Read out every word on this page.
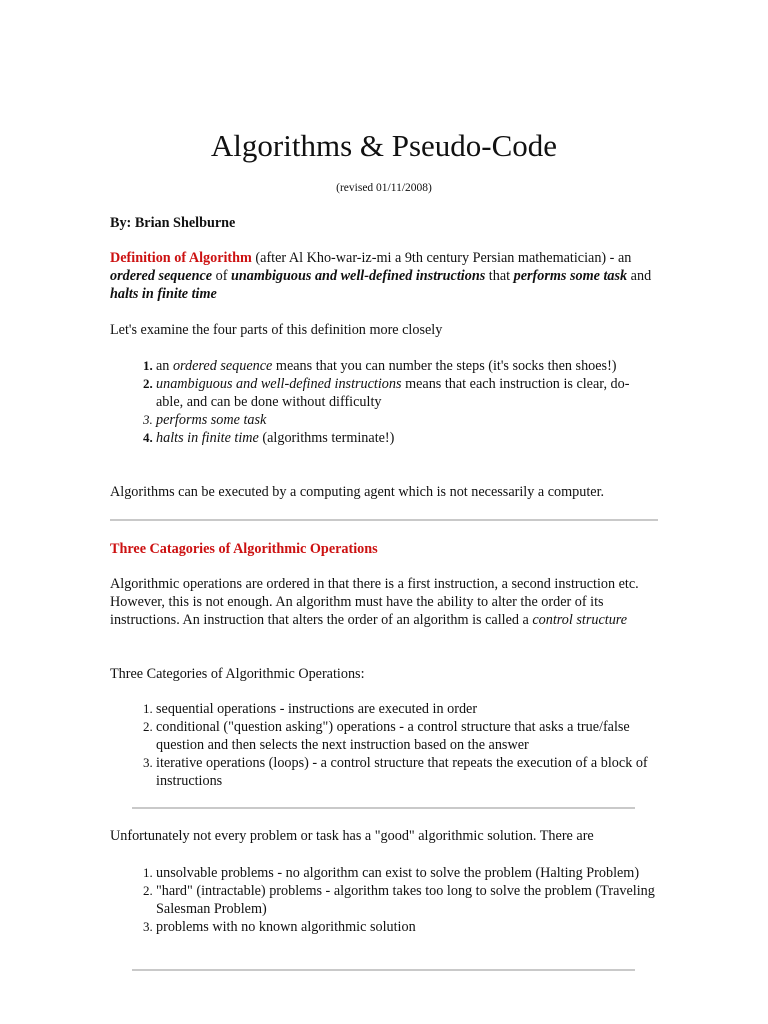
Algorithms & Pseudo-Code
(revised 01/11/2008)

By: Brian Shelburne

Definition of Algorithm (after Al Kho-war-iz-mi a 9th century Persian mathematician) - an ordered sequence of unambiguous and well-defined instructions that performs some task and halts in finite time

Let's examine the four parts of this definition more closely

1. an ordered sequence means that you can number the steps (it's socks then shoes!)
2. unambiguous and well-defined instructions means that each instruction is clear, do-able, and can be done without difficulty
3. performs some task
4. halts in finite time (algorithms terminate!)

Algorithms can be executed by a computing agent which is not necessarily a computer.

Three Catagories of Algorithmic Operations

Algorithmic operations are ordered in that there is a first instruction, a second instruction etc. However, this is not enough. An algorithm must have the ability to alter the order of its instructions. An instruction that alters the order of an algorithm is called a control structure

Three Categories of Algorithmic Operations:

1. sequential operations - instructions are executed in order
2. conditional ("question asking") operations - a control structure that asks a true/false question and then selects the next instruction based on the answer
3. iterative operations (loops) - a control structure that repeats the execution of a block of instructions

Unfortunately not every problem or task has a "good" algorithmic solution. There are

1. unsolvable problems - no algorithm can exist to solve the problem (Halting Problem)
2. "hard" (intractable) problems - algorithm takes too long to solve the problem (Traveling Salesman Problem)
3. problems with no known algorithmic solution
